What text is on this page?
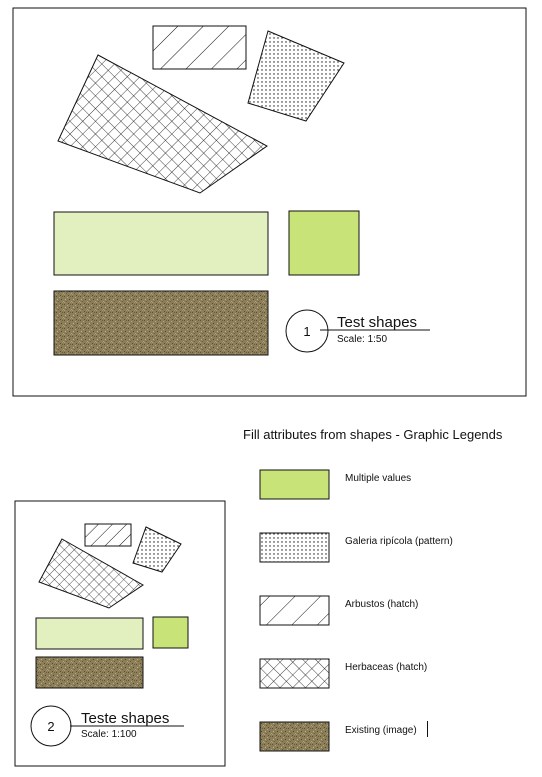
1
Test shapes
Scale: 1:50
2 Teste shapes
Scale: 1:100
Fill attributes from shapes - Graphic Legends
Multiple values
Galeria ripícola (pattern)
Arbustos (hatch)
Herbaceas (hatch)
Existing (image)
